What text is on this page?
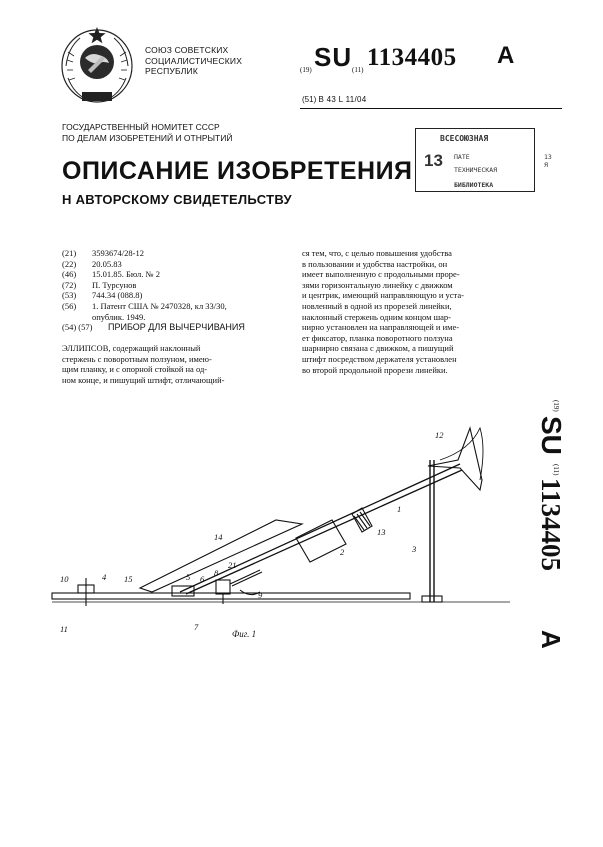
СОЮЗ СОВЕТСКИХ
СОЦИАЛИСТИЧЕСКИХ
РЕСПУБЛИК	(19) SU (11) 1134405 A
(51) B 43 L 11/04
ГОСУДАРСТВЕННЫЙ НОМИТЕТ СССР
ПО ДЕЛАМ ИЗОБРЕТЕНИЙ И ОТНРЫТИЙ	ВСЕСОЮЗНАЯ
13 ПАТЕ
ТЕХНИЧЕСКАЯ
БИБЛИОТЕКА
13
Я
ОПИСАНИЕ ИЗОБРЕТЕНИЯ
Н АВТОРСКОМУ СВИДЕТЕЛЬСТВУ
(21) 3593674/28-12
(22) 20.05.83
(46) 15.01.85. Бюл. № 2
(72) П. Турсунов
(53) 744.34 (088.8)
(56) 1. Патент США № 2470328, кл 33/30,
опублик. 1949.
(54) (57) ПРИБОР ДЛЯ ВЫЧЕРЧИВАНИЯ
ЭЛЛИПСОВ, содержащий наклонный
стержень с поворотным ползуном, имею-
щим планку, и с опорной стойкой на од-
ном конце, и пишущий штифт, отличающий-
ся тем, что, с целью повышения удобства
в пользовании и удобства настройки, он
имеет выполненную с продольными проре-
зями горизонтальную линейку с движком
и центрик, имеющий направляющую и уста-
новленный в одной из прорезей линейки,
наклонный стержень одним концом шар-
нирно установлен на направляющей и име-
ет фиксатор, планка поворотного ползуна
шарнирно связана с движком, а пишущий
штифт посредством держателя установлен
во второй продольной прорези линейки.
(19)
SU
(11)
1134405
A
12
1
13
2	3
14
21
8
6
5
15
4
10
9
11	7
Фиг. 1
